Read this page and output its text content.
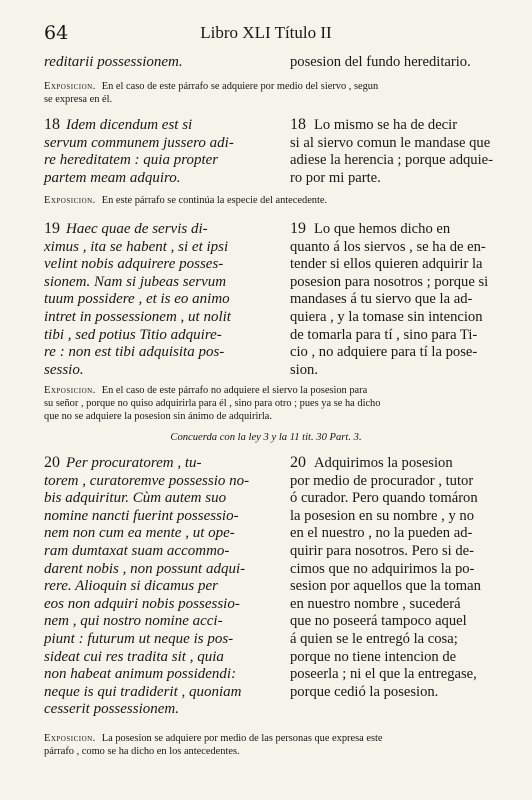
64	Libro XLI Título II
reditarii possessionem.	posesion del fundo hereditario.
Exposicion. En el caso de este párrafo se adquiere por medio del siervo , segun
se expresa en él.
18 Idem dicendum est si
servum communem jussero adi-
re hereditatem : quia propter
partem meam adquiro.
18 Lo mismo se ha de decir
si al siervo comun le mandase que
adiese la herencia ; porque adquie-
ro por mi parte.
Exposicion. En este párrafo se continúa la especie del antecedente.
19 Haec quae de servis di-
ximus , ita se habent , si et ipsi
velint nobis adquirere posses-
sionem. Nam si jubeas servum
tuum possidere , et is eo animo
intret in possessionem , ut nolit
tibi , sed potius Titio adquire-
re : non est tibi adquisita pos-
sessio.
19 Lo que hemos dicho en
quanto á los siervos , se ha de en-
tender si ellos quieren adquirir la
posesion para nosotros ; porque si
mandases á tu siervo que la ad-
quiera , y la tomase sin intencion
de tomarla para tí , sino para Ti-
cio , no adquiere para tí la pose-
sion.
Exposicion. En el caso de este párrafo no adquiere el siervo la posesion para
su señor , porque no quiso adquirirla para él , sino para otro ; pues ya se ha dicho
que no se adquiere la posesion sin ánimo de adquirirla.
Concuerda con la ley 3 y la 11 tit. 30 Part. 3.
20 Per procuratorem , tu-
torem , curatoremve possessio no-
bis adquiritur. Cùm autem suo
nomine nancti fuerint possessio-
nem non cum ea mente , ut ope-
ram dumtaxat suam accommo-
darent nobis , non possunt adqui-
rere. Alioquin si dicamus per
eos non adquiri nobis possessio-
nem , qui nostro nomine acci-
piunt : futurum ut neque is pos-
sideat cui res tradita sit , quia
non habeat animum possidendi:
neque is qui tradiderit , quoniam
cesserit possessionem.
20 Adquirimos la posesion
por medio de procurador , tutor
ó curador. Pero quando tomáron
la posesion en su nombre , y no
en el nuestro , no la pueden ad-
quirir para nosotros. Pero si de-
cimos que no adquirimos la po-
sesion por aquellos que la toman
en nuestro nombre , sucederá
que no poseerá tampoco aquel
á quien se le entregó la cosa;
porque no tiene intencion de
poseerla ; ni el que la entregase,
porque cedió la posesion.
Exposicion. La posesion se adquiere por medio de las personas que expresa este
párrafo , como se ha dicho en los antecedentes.
